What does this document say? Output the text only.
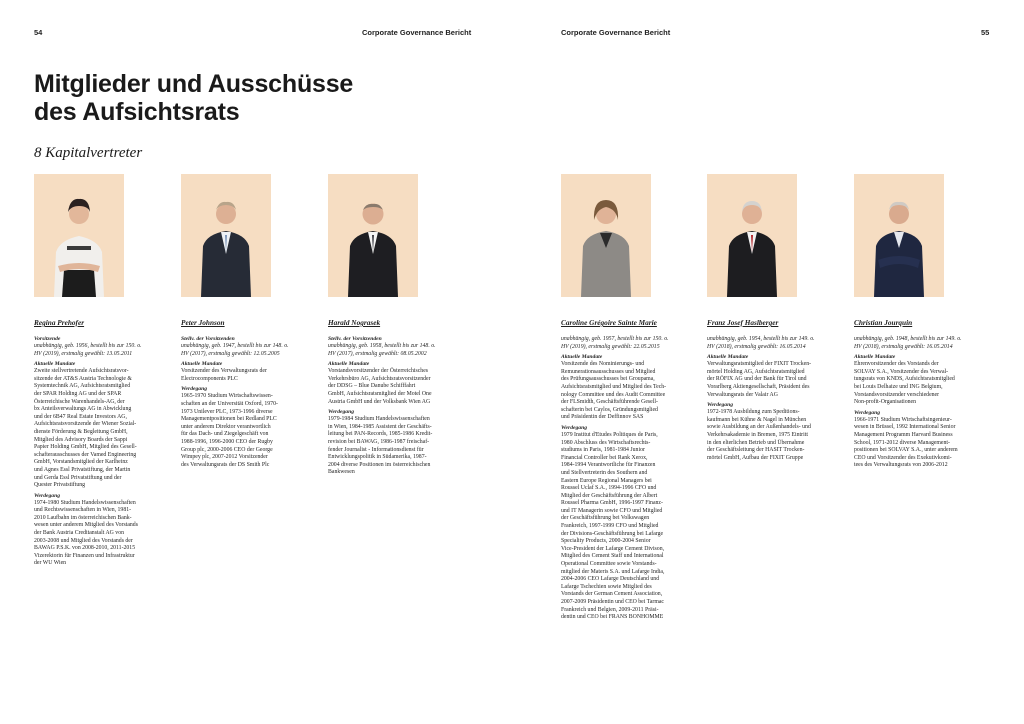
54	Corporate Governance Bericht	Corporate Governance Bericht	55
Mitglieder und Ausschüsse
des Aufsichtsrats
8 Kapitalvertreter
Regina Prehofer
Vorsitzende
unabhängig, geb. 1956, bestellt bis zur 150. o.
HV (2019), erstmalig gewählt: 13.05.2011
Aktuelle Mandate
Zweite stellvertretende Aufsichtsratsvor-
sitzende der AT&S Austria Technologie &
Systemtechnik AG, Aufsichtsratsmitglied
der SPAR Holding AG und der SPAR
Österreichische Warenhandels-AG, der
bx Anteilsverwaltungs AG in Abwicklung
und der 6B47 Real Estate Investors AG,
Aufsichtsratsvorsitzende der Wiener Sozial-
dienste Förderung & Begleitung GmbH,
Mitglied des Advisory Boards der Sappi
Papier Holding GmbH, Mitglied des Gesell-
schafterausschusses der Vamed Engineering
GmbH, Vorstandsmitglied der Karlheinz
und Agnes Essl Privatstiftung, der Martin
und Gerda Essl Privatstiftung und der
Quester Privatstiftung
Werdegang
1974-1980 Studium Handelswissenschaften
und Rechtswissenschaften in Wien, 1981-
2010 Laufbahn im österreichischen Bank-
wesen unter anderem Mitglied des Vorstands
der Bank Austria Creditanstalt AG von
2003-2008 und Mitglied des Vorstands der
BAWAG P.S.K. von 2008-2010, 2011-2015
Vizerektorin für Finanzen und Infrastruktur
der WU Wien
Peter Johnson
Stellv. der Vorsitzenden
unabhängig, geb. 1947, bestellt bis zur 148. o.
HV (2017), erstmalig gewählt: 12.05.2005
Aktuelle Mandate
Vorsitzender des Verwaltungsrats der
Electrocomponents PLC
Werdegang
1965-1970 Studium Wirtschaftswissen-
schaften an der Universität Oxford, 1970-
1973 Unilever PLC, 1973-1996 diverse
Managementpositionen bei Redland PLC
unter anderem Direktor verantwortlich
für das Dach- und Ziegelgeschäft von
1988-1996, 1996-2000 CEO der Rugby
Group plc, 2000-2006 CEO der George
Wimpey plc, 2007-2012 Vorsitzender
des Verwaltungsrats der DS Smith Plc
Harald Nograsek
Stellv. der Vorsitzenden
unabhängig, geb. 1958, bestellt bis zur 148. o.
HV (2017), erstmalig gewählt: 08.05.2002
Aktuelle Mandate
Vorstandsvorsitzender der Österreichisches
Verkehrsbüro AG, Aufsichtsratsvorsitzender
der DDSG – Blue Danube Schifffahrt
GmbH, Aufsichtsratsmitglied der Motel One
Austria GmbH und der Volksbank Wien AG
Werdegang
1979-1984 Studium Handelswissenschaften
in Wien, 1984-1985 Assistent der Geschäfts-
leitung bei PAN-Records, 1985-1986 Kredit-
revision bei BAWAG, 1986-1987 freischaf-
fender Journalist - Informationsdienst für
Entwicklungspolitik in Südamerika, 1987-
2004 diverse Positionen im österreichischen
Bankwesen
Caroline Grégoire Sainte Marie
unabhängig, geb. 1957, bestellt bis zur 150. o.
HV (2019), erstmalig gewählt: 22.05.2015
Aktuelle Mandate
Vorsitzende des Nominierungs- und
Remunerationsausschusses und Mitglied
des Prüfungsausschusses bei Groupama,
Aufsichtsratsmitglied und Mitglied des Tech-
nology Committee und des Audit Committee
der FLSmidth, Geschäftsführende Gesell-
schafterin bei Caylos, Gründungsmitglied
und Präsidentin der Deffinnov SAS
Werdegang
1979 Institut d'Etudes Politiques de Paris,
1980 Abschluss des Wirtschaftsrechts-
studiums in Paris, 1981-1984 Junior
Financial Controller bei Rank Xerox,
1984-1994 Verantwortliche für Finanzen
und Stellvertreterin des Southern and
Eastern Europe Regional Managers bei
Roussel Uclaf S.A., 1994-1996 CFO und
Mitglied der Geschäftsführung der Albert
Roussel Pharma GmbH, 1996-1997 Finanz-
und IT Managerin sowie CFO und Mitglied
der Geschäftsführung bei Volkswagen
Frankreich, 1997-1999 CFO und Mitglied
der Divisions-Geschäftsführung bei Lafarge
Speciality Products, 2000-2004 Senior
Vice-President der Lafarge Cement Divison,
Mitglied des Cement Staff und International
Operational Committee sowie Vorstands-
mitglied der Materis S.A. und Lafarge India,
2004-2006 CEO Lafarge Deutschland und
Lafarge Tschechien sowie Mitglied des
Vorstands der German Cement Association,
2007-2009 Präsidentin und CEO bei Tarmac
Frankreich und Belgien, 2009-2011 Präsi-
dentin und CEO bei FRANS BONHOMME
Franz Josef Haslberger
unabhängig, geb. 1954, bestellt bis zur 149. o.
HV (2018), erstmalig gewählt: 16.05.2014
Aktuelle Mandate
Verwaltungsratsmitglied der FIXIT Trocken-
mörtel Holding AG, Aufsichtsratsmitglied
der RÖFIX AG und der Bank für Tirol und
Vorarlberg Aktiengesellschaft, Präsident des
Verwaltungsrats der Valair AG
Werdegang
1972-1978 Ausbildung zum Speditions-
kaufmann bei Kühne & Nagel in München
sowie Ausbildung an der Außenhandels- und
Verkehrsakademie in Bremen, 1975 Eintritt
in den elterlichen Betrieb und Übernahme
der Geschäftsleitung der HASIT Trocken-
mörtel GmbH, Aufbau der FIXIT Gruppe
Christian Jourquin
unabhängig, geb. 1948, bestellt bis zur 149. o.
HV (2018), erstmalig gewählt: 16.05.2014
Aktuelle Mandate
Ehrenvorsitzender des Vorstands der
SOLVAY S.A., Vorsitzender des Verwal-
tungsrats von KNDS, Aufsichtsratsmitglied
bei Louis Delhaize und ING Belgium,
Vorstandsvorsitzender verschiedener
Non-profit-Organisationen
Werdegang
1966-1971 Studium Wirtschaftsingenieur-
wesen in Brüssel, 1992 International Senior
Management Programm Harvard Business
School, 1971-2012 diverse Management-
positionen bei SOLVAY S.A., unter anderem
CEO und Vorsitzender des Exekutivkomi-
tees des Verwaltungsrats von 2006-2012
